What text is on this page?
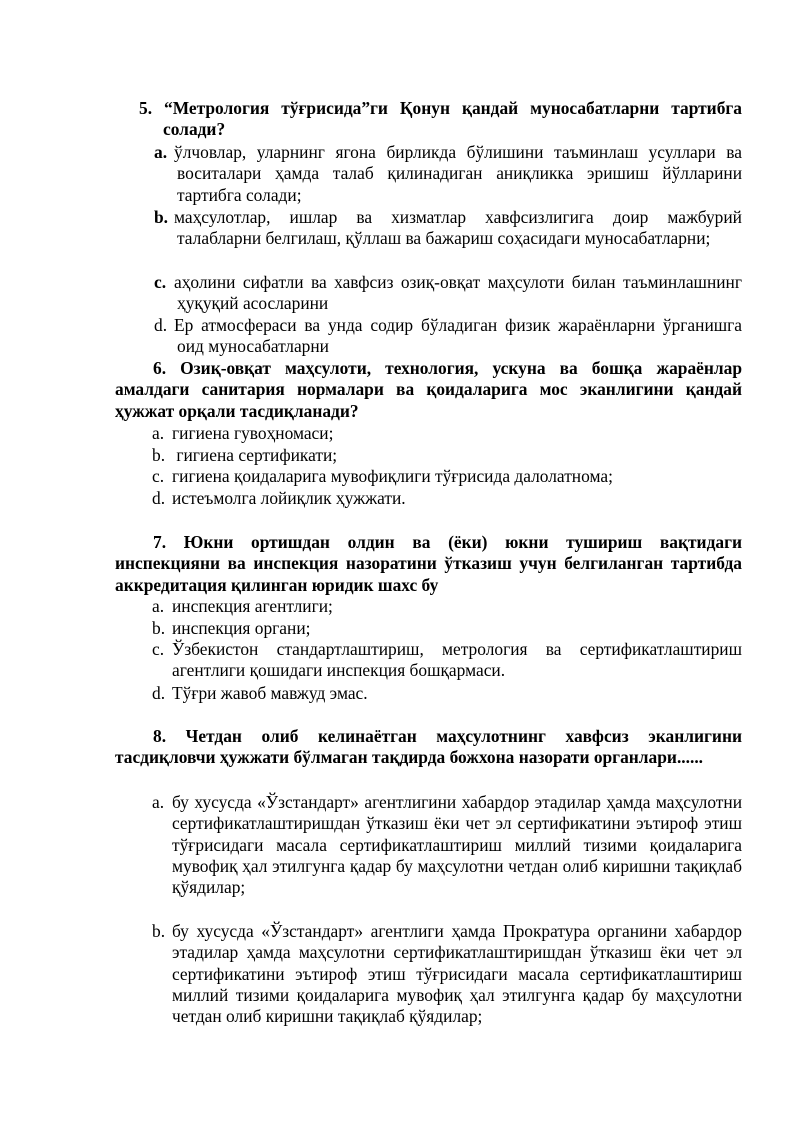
5. “Метрология тўғрисида”ги Қонун қандай муносабатларни тартибга солади?
a. ўлчовлар, уларнинг ягона бирликда бўлишини таъминлаш усуллари ва воситалари ҳамда талаб қилинадиган аниқликка эришиш йўлларини тартибга солади;
b. маҳсулотлар, ишлар ва хизматлар хавфсизлигига доир мажбурий талабларни белгилаш, қўллаш ва бажариш соҳасидаги муносабатларни;
c. аҳолини сифатли ва хавфсиз озиқ-овқат маҳсулоти билан таъминлашнинг ҳуқуқий асосларини
d. Ер атмосфераси ва унда содир бўладиган физик жараёнларни ўрганишга оид муносабатларни
6. Озиқ-овқат маҳсулоти, технология, ускуна ва бошқа жараёнлар амалдаги санитария нормалари ва қоидаларига мос эканлигини қандай ҳужжат орқали тасдиқланади?
a. гигиена гувоҳномаси;
b. гигиена сертификати;
c. гигиена қоидаларига мувофиқлиги тўғрисида далолатнома;
d. истеъмолга лойиқлик ҳужжати.
7. Юкни ортишдан олдин ва (ёки) юкни тушириш вақтидаги инспекцияни ва инспекция назоратини ўтказиш учун белгиланган тартибда аккредитация қилинган юридик шахс бу
a. инспекция агентлиги;
b. инспекция органи;
c. Ўзбекистон стандартлаштириш, метрология ва сертификатлаштириш агентлиги қошидаги инспекция бошқармаси.
d. Тўғри жавоб мавжуд эмас.
8. Четдан олиб келинаётган маҳсулотнинг хавфсиз эканлигини тасдиқловчи ҳужжати бўлмаган тақдирда божхона назорати органлари......
a. бу хусусда «Ўзстандарт» агентлигини хабардор этадилар ҳамда маҳсулотни сертификатлаштиришдан ўтказиш ёки чет эл сертификатини эътироф этиш тўғрисидаги масала сертификатлаштириш миллий тизими қоидаларига мувофиқ ҳал этилгунга қадар бу маҳсулотни четдан олиб киришни тақиқлаб қўядилар;
b. бу хусусда «Ўзстандарт» агентлиги ҳамда Прократура органини хабардор этадилар ҳамда маҳсулотни сертификатлаштиришдан ўтказиш ёки чет эл сертификатини эътироф этиш тўғрисидаги масала сертификатлаштириш миллий тизими қоидаларига мувофиқ ҳал этилгунга қадар бу маҳсулотни четдан олиб киришни тақиқлаб қўядилар;
